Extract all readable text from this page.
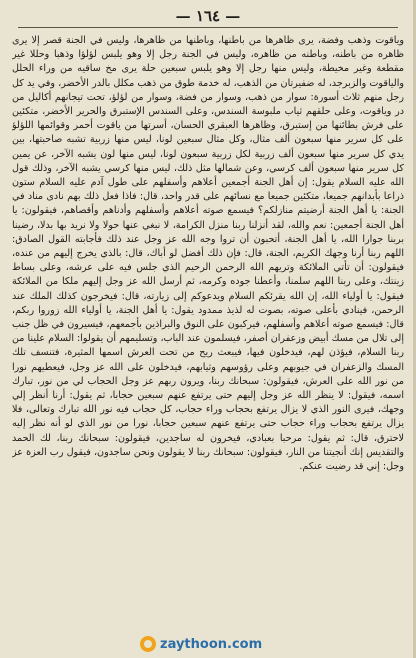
— ١٦٤ —

وياقوت وذهب وفضة، يرى ظاهرها من باطنها، وباطنها من ظاهرها، وليس في الجنة قصر إلا يرى ظاهره من باطنه، وباطنه من ظاهره، وليس في الجنة رجل إلا وهو يلبس لؤلؤا وذهبا وحللا غير مقطعة وغير مخيطة، وليس منها رجل إلا وهو يلبس سبعين حلة يرى مخ ساقيه من وراء الحلل والياقوت والزبرجد، له ضفيرتان من الذهب، له خدمة طوق من ذهب مكلل بالدر الأخضر، وفي يد كل رجل منهم ثلاث أسورة: سوار من ذهب، وسوار من فضة، وسوار من لؤلؤ، تحت تيجانهم أكاليل من در وياقوت، وعلى حلقهم ثياب ملبوسة السندس، وعلى السندس الإستبرق والحرير الأخضر، متكئين على فرش بطائنها من إستبرق، وظاهرها العبقري الحسان، أسرتها من ياقوت أحمر وقوائمها اللؤلؤ على كل سرير منها سبعون ألف مثال، وكل مثال سبعين لونا، ليس منها زربية تشبه صاحبتها، بين يدي كل سرير منها سبعون ألف زربية لكل زربية سبعون لونا، ليس منها لون يشبه الآخر، عن يمين كل سرير منها سبعون ألف كرسي، وعن شمالها مثل ذلك، ليس منها كرسي يشبه الآخر، وذلك قول الله عليه السلام يقول: إن أهل الجنة أجمعين أعلاهم وأسفلهم على طول آدم عليه السلام ستون ذراعا بأبدانهم جميعا، متكئين جميعا مع نسائهم على قدر واحد، قال: فاذا فعل ذلك بهم نادى مناد في الجنة: يا أهل الجنة أرضيتم منازلكم؟ فيسمع صوته أعلاهم وأسفلهم وأدناهم وأقصاهم، فيقولون: يا أهل الجنة أجمعين: نعم والله، لقد أنزلنا ربنا منزل الكرامة، لا نبغي عنها حولا ولا نريد بها بدلا، رضينا بربنا جوارا الله، يا أهل الجنة، أتحبون أن تروا وجه الله عز وجل عند ذلك فأجابته القول الصادق: اللهم ربنا أرنا وجهك الكريم، الجنة، قال: فإن ذلك أفضل لو أباك، قال: بالذي يخرج إليهم من عنده، فيقولون: أن تأتي الملائكة وتريهم الله الرحمن الرحيم الذي جلس فيه على عرشه، وعلى بساط زينتك، وعلى ربنا اللهم سلمنا، وأعطنا جوده وكرمه، ثم أرسل الله عز وجل إليهم ملكا من الملائكة فيقول: يا أولياء الله، إن الله يقرئكم السلام ويدعوكم إلى زيارته، قال: فيخرجون كذلك الملك عند الرحمن، فينادي بأعلى صوته، بصوت له لذيذ ممدود يقول: يا أهل الجنة، يا أولياء الله زوروا ربكم، قال: فيسمع صوته أعلاهم وأسفلهم، فيركبون على النوق والبراذين بأجمعهم، فيسيرون في ظل جنب إلى تلال من مسك أبيض وزعفران أصفر، فيسلمون عند الباب، وتسليمهم أن يقولوا: السلام علينا من ربنا السلام، فيؤذن لهم، فيدخلون فيها، فيبعث ريح من تحت العرش اسمها المثيرة، فتنسف تلك المسك والزعفران في جيوبهم وعلى رؤوسهم وثيابهم، فيدخلون على الله عز وجل، فيعطيهم نورا من نور الله على العرش، فيقولون: سبحانك ربنا، ويرون ربهم عز وجل الحجاب لي من نور، تبارك اسمه، فيقول: لا ينظر الله عز وجل إليهم حتى يرتفع عنهم سبعين حجابا، ثم يقول: أرنا أنظر إلي وجهك، فيرى النور الذي لا يزال يرتفع بحجاب وراء حجاب، كل حجاب فيه نور الله تبارك وتعالى، فلا يزال يرتفع بحجاب وراء حجاب حتى يرتفع عنهم سبعين حجابا، نورا من نور الذي لو أنه نظر إليه لاحترق، قال: ثم يقول: مرحبا بعبادي، فيخرون له ساجدين، فيقولون: سبحانك ربنا، لك الحمد والتقديس إنك أنجيتنا من النار، فيقولون: سبحانك ربنا لا يقولون ونحن ساجدون، فيقول رب العزة عز وجل: إني قد رضيت عنكم.

zaythoon.com
